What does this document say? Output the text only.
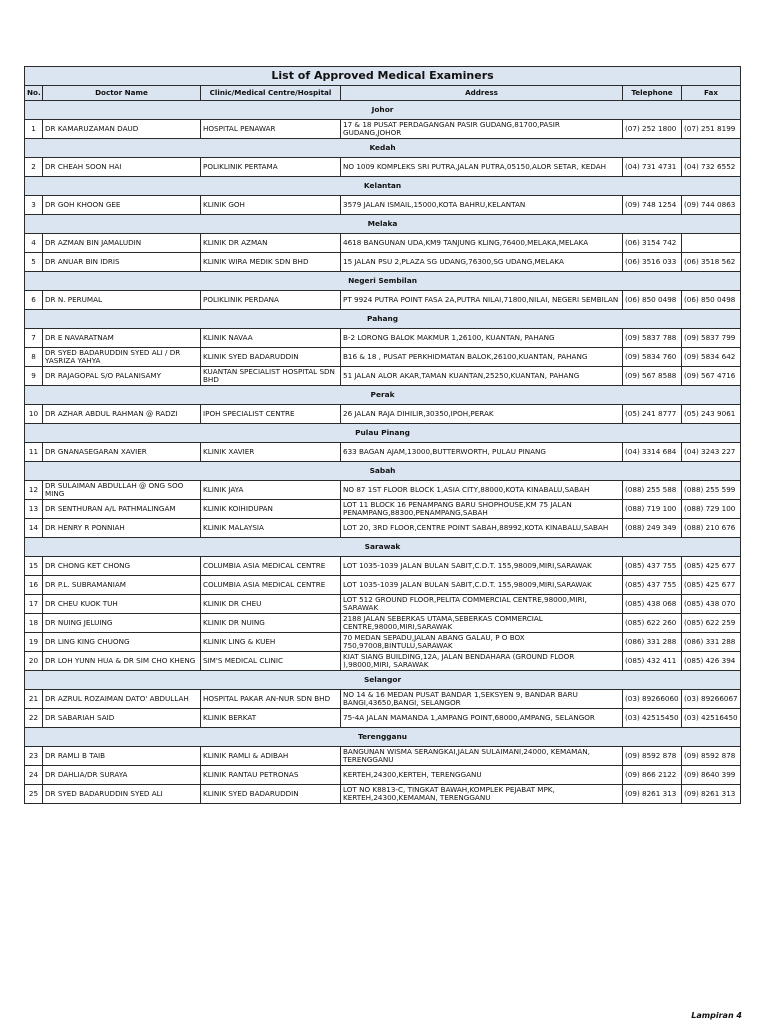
List of Approved Medical Examiners					
No.	Doctor Name	Clinic/Medical Centre/Hospital	Address	Telephone	Fax
Johor					
1	DR KAMARUZAMAN DAUD	HOSPITAL PENAWAR	17 & 18 PUSAT PERDAGANGAN PASIR GUDANG,81700,PASIR GUDANG,JOHOR	(07) 252 1800	(07) 251 8199
Kedah					
2	DR CHEAH SOON HAI	POLIKLINIK PERTAMA	NO 1009 KOMPLEKS SRI PUTRA,JALAN PUTRA,05150,ALOR SETAR, KEDAH	(04) 731 4731	(04) 732 6552
Kelantan					
3	DR GOH KHOON GEE	KLINIK GOH	3579 JALAN ISMAIL,15000,KOTA BAHRU,KELANTAN	(09) 748 1254	(09) 744 0863
Melaka					
4	DR AZMAN BIN JAMALUDIN	KLINIK DR AZMAN	4618 BANGUNAN UDA,KM9 TANJUNG KLING,76400,MELAKA,MELAKA	(06) 3154 742	
5	DR ANUAR BIN IDRIS	KLINIK WIRA MEDIK SDN BHD	15 JALAN PSU 2,PLAZA SG UDANG,76300,SG UDANG,MELAKA	(06) 3516 033	(06) 3518 562
Negeri Sembilan					
6	DR N. PERUMAL	POLIKLINIK PERDANA	PT 9924 PUTRA POINT FASA 2A,PUTRA NILAI,71800,NILAI, NEGERI SEMBILAN	(06) 850 0498	(06) 850 0498
Pahang					
7	DR E NAVARATNAM	KLINIK NAVAA	B-2 LORONG BALOK MAKMUR 1,26100, KUANTAN, PAHANG	(09) 5837 788	(09) 5837 799
8	DR SYED BADARUDDIN SYED ALI / DR YASRIZA YAHYA	KLINIK SYED BADARUDDIN	B16 & 18 , PUSAT PERKHIDMATAN BALOK,26100,KUANTAN, PAHANG	(09) 5834 760	(09) 5834 642
9	DR RAJAGOPAL S/O PALANISAMY	KUANTAN SPECIALIST HOSPITAL SDN BHD	51 JALAN ALOR AKAR,TAMAN KUANTAN,25250,KUANTAN, PAHANG	(09) 567 8588	(09) 567 4716
Perak					
10	DR AZHAR ABDUL RAHMAN @ RADZI	IPOH SPECIALIST CENTRE	26 JALAN RAJA DIHILIR,30350,IPOH,PERAK	(05) 241 8777	(05) 243 9061
Pulau Pinang					
11	DR GNANASEGARAN XAVIER	KLINIK XAVIER	633 BAGAN AJAM,13000,BUTTERWORTH, PULAU PINANG	(04) 3314 684	(04) 3243 227
Sabah					
12	DR SULAIMAN ABDULLAH @ ONG SOO MING	KLINIK JAYA	NO 87 1ST FLOOR BLOCK 1,ASIA CITY,88000,KOTA KINABALU,SABAH	(088) 255 588	(088) 255 599
13	DR SENTHURAN A/L PATHMALINGAM	KLINIK KOIHIDUPAN	LOT 11 BLOCK 16 PENAMPANG BARU SHOPHOUSE,KM 75 JALAN PENAMPANG,88300,PENAMPANG,SABAH	(088) 719 100	(088) 729 100
14	DR HENRY R PONNIAH	KLINIK MALAYSIA	LOT 20, 3RD FLOOR,CENTRE POINT SABAH,88992,KOTA KINABALU,SABAH	(088) 249 349	(088) 210 676
Sarawak					
15	DR CHONG KET CHONG	COLUMBIA ASIA MEDICAL CENTRE	LOT 1035-1039 JALAN BULAN SABIT,C.D.T. 155,98009,MIRI,SARAWAK	(085) 437 755	(085) 425 677
16	DR P.L. SUBRAMANIAM	COLUMBIA ASIA MEDICAL CENTRE	LOT 1035-1039 JALAN BULAN SABIT,C.D.T. 155,98009,MIRI,SARAWAK	(085) 437 755	(085) 425 677
17	DR CHEU KUOK TUH	KLINIK DR CHEU	LOT 512 GROUND FLOOR,PELITA COMMERCIAL CENTRE,98000,MIRI, SARAWAK	(085) 438 068	(085) 438 070
18	DR NUING JELUING	KLINIK DR NUING	2188 JALAN SEBERKAS UTAMA,SEBERKAS COMMERCIAL CENTRE,98000,MIRI,SARAWAK	(085) 622 260	(085) 622 259
19	DR LING KING CHUONG	KLINIK LING & KUEH	70 MEDAN SEPADU,JALAN ABANG GALAU, P O BOX 750,97008,BINTULU,SARAWAK	(086) 331 288	(086) 331 288
20	DR LOH YUNN HUA & DR SIM CHO KHENG	SIM'S MEDICAL CLINIC	KIAT SIANG BUILDING,12A, JALAN BENDAHARA (GROUND FLOOR ),98000,MIRI, SARAWAK	(085) 432 411	(085) 426 394
Selangor					
21	DR AZRUL ROZAIMAN DATO' ABDULLAH	HOSPITAL PAKAR AN-NUR SDN BHD	NO 14 & 16 MEDAN PUSAT BANDAR 1,SEKSYEN 9, BANDAR BARU BANGI,43650,BANGI, SELANGOR	(03) 89266060	(03) 89266067
22	DR SABARIAH SAID	KLINIK BERKAT	75-4A JALAN MAMANDA 1,AMPANG POINT,68000,AMPANG, SELANGOR	(03) 42515450	(03) 42516450
Terengganu					
23	DR RAMLI B TAIB	KLINIK RAMLI & ADIBAH	BANGUNAN WISMA SERANGKAI,JALAN SULAIMANI,24000, KEMAMAN, TERENGGANU	(09) 8592 878	(09) 8592 878
24	DR DAHLIA/DR SURAYA	KLINIK RANTAU PETRONAS	KERTEH,24300,KERTEH, TERENGGANU	(09) 866 2122	(09) 8640 399
25	DR SYED BADARUDDIN SYED ALI	KLINIK SYED BADARUDDIN	LOT NO K8813-C, TINGKAT BAWAH,KOMPLEK PEJABAT MPK, KERTEH,24300,KEMAMAN, TERENGGANU	(09) 8261 313	(09) 8261 313
Lampiran 4
